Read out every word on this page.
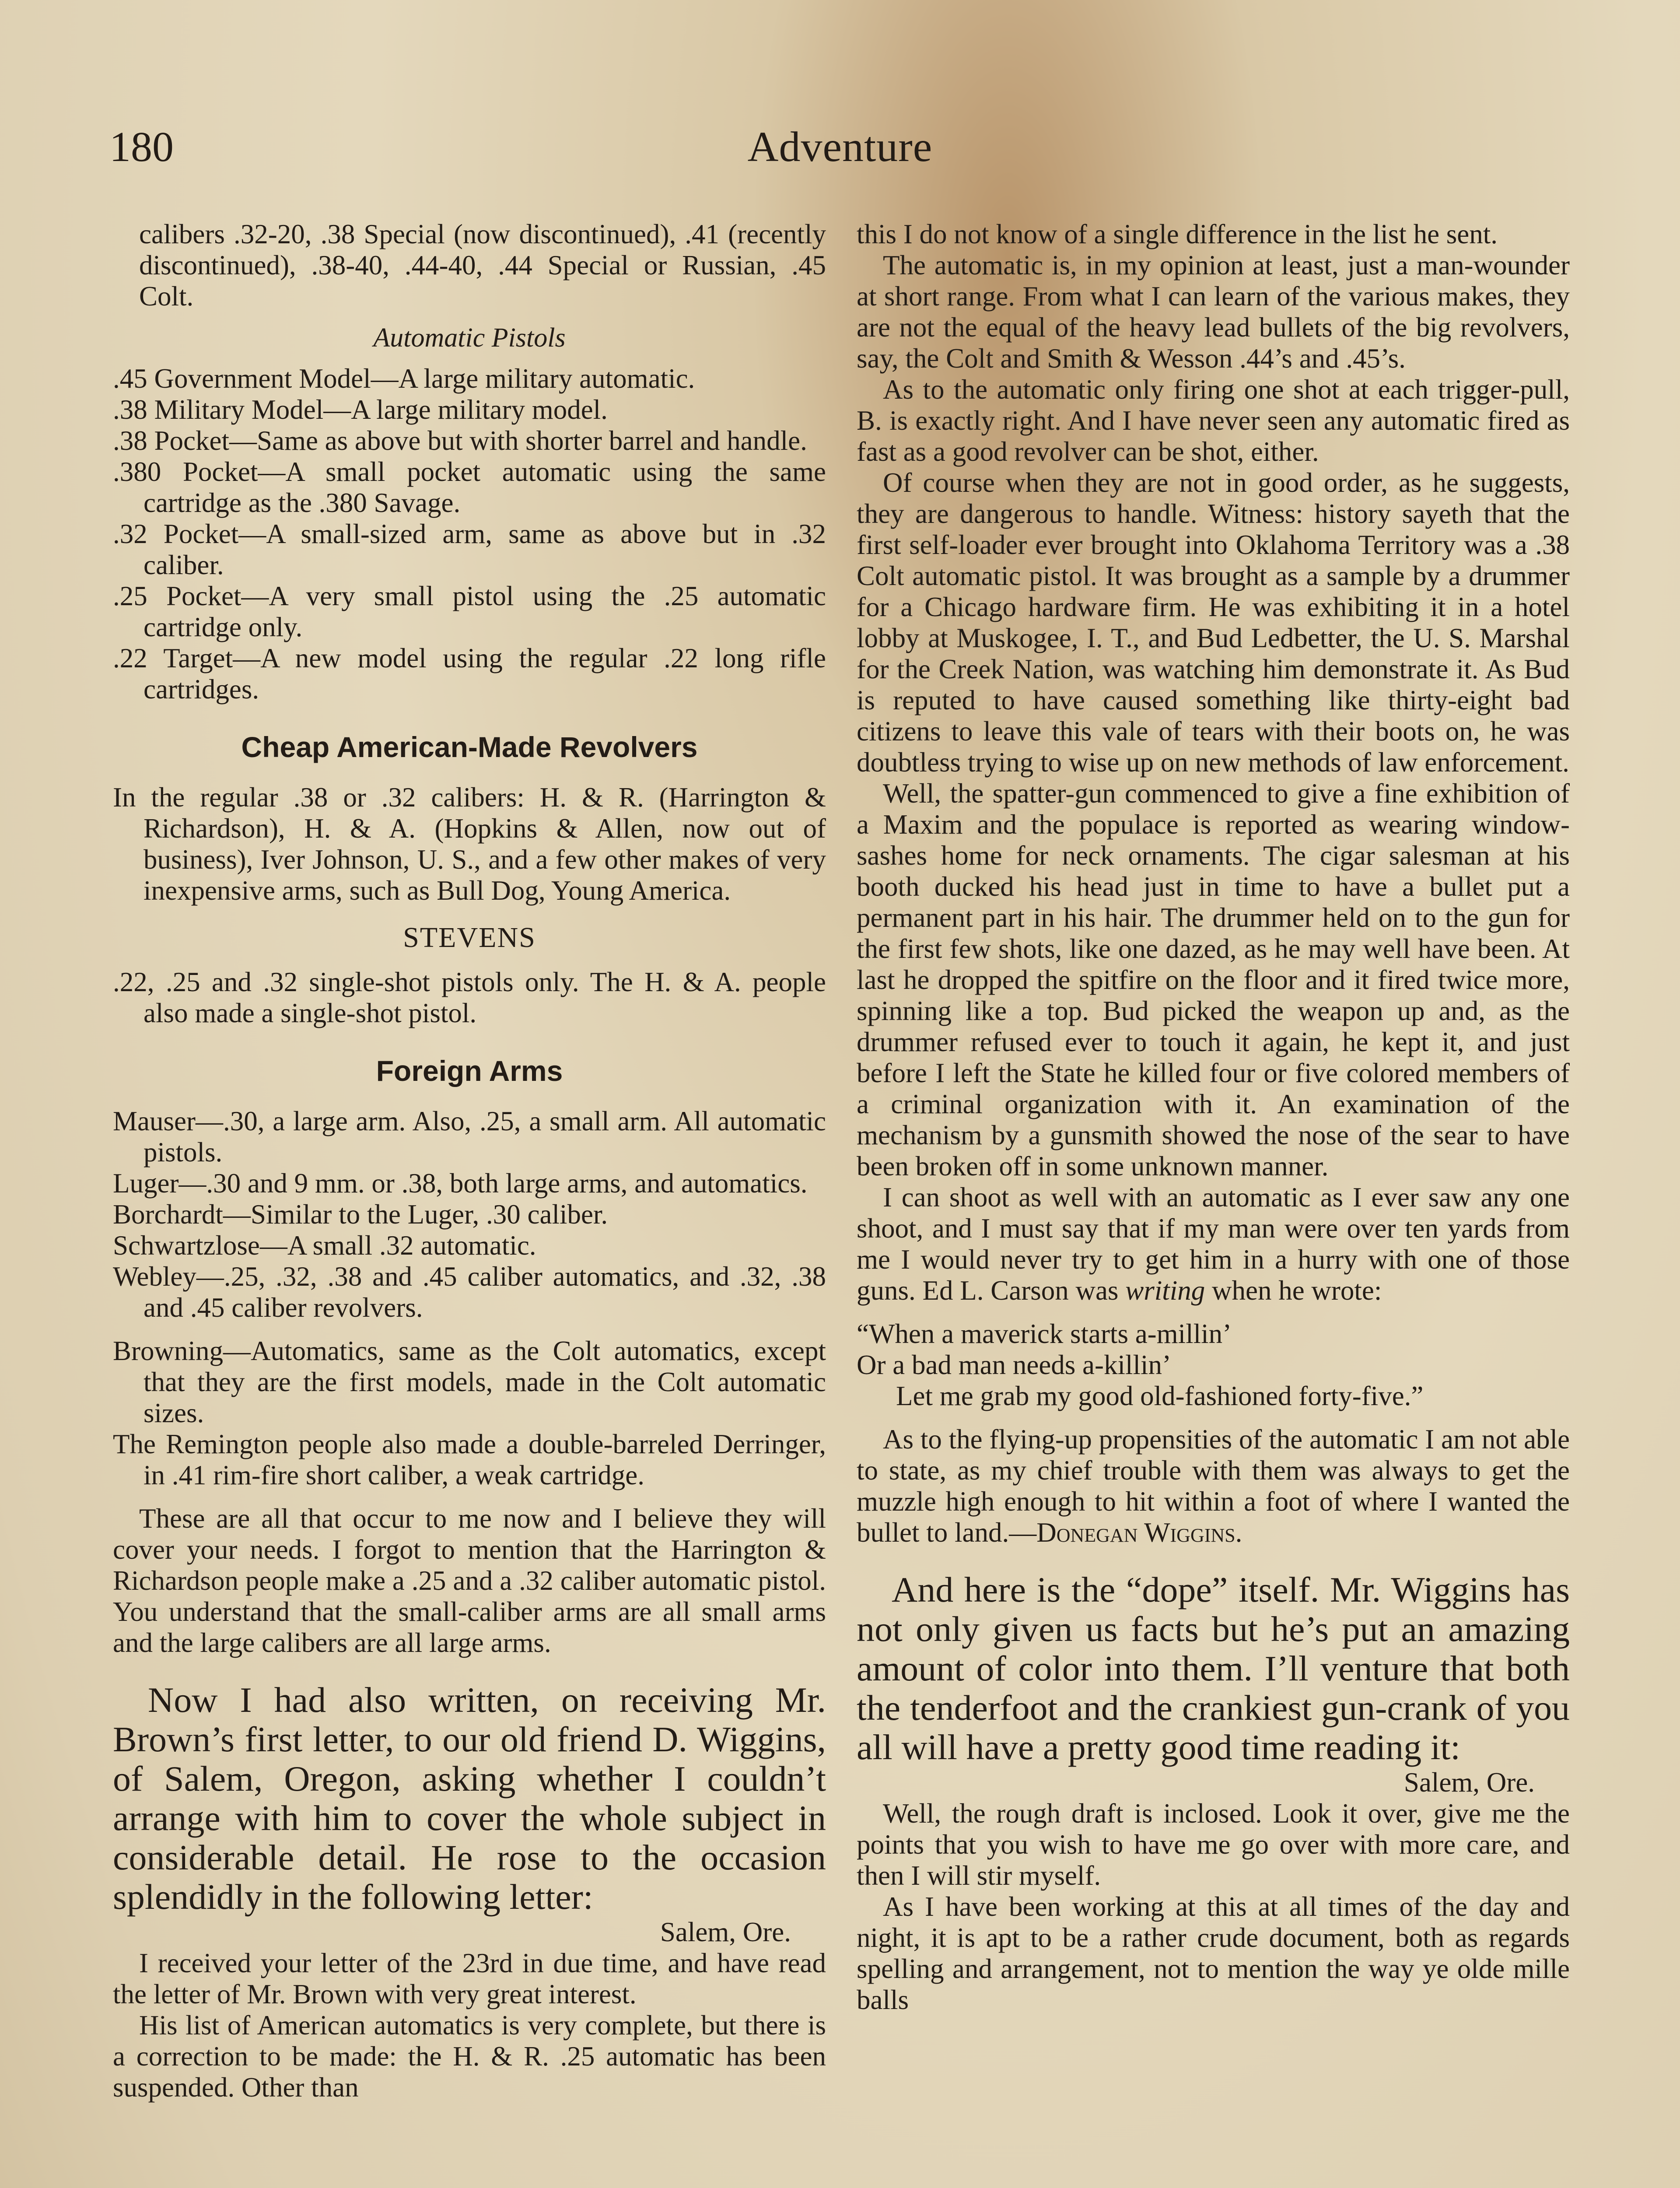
180	Adventure

calibers .32-20, .38 Special (now discontinued), .41 (recently discontinued), .38-40, .44-40, .44 Special or Russian, .45 Colt.

Automatic Pistols

.45 Government Model—A large military automatic.

.38 Military Model—A large military model.

.38 Pocket—Same as above but with shorter barrel and handle.

.380 Pocket—A small pocket automatic using the same cartridge as the .380 Savage.

.32 Pocket—A small-sized arm, same as above but in .32 caliber.

.25 Pocket—A very small pistol using the .25 automatic cartridge only.

.22 Target—A new model using the regular .22 long rifle cartridges.

Cheap American-Made Revolvers

In the regular .38 or .32 calibers: H. & R. (Harrington & Richardson), H. & A. (Hopkins & Allen, now out of business), Iver Johnson, U. S., and a few other makes of very inexpensive arms, such as Bull Dog, Young America.

STEVENS

.22, .25 and .32 single-shot pistols only. The H. & A. people also made a single-shot pistol.

Foreign Arms

Mauser—.30, a large arm. Also, .25, a small arm. All automatic pistols.

Luger—.30 and 9 mm. or .38, both large arms, and automatics.

Borchardt—Similar to the Luger, .30 caliber.

Schwartzlose—A small .32 automatic.

Webley—.25, .32, .38 and .45 caliber automatics, and .32, .38 and .45 caliber revolvers.

Browning—Automatics, same as the Colt automatics, except that they are the first models, made in the Colt automatic sizes.

The Remington people also made a double-barreled Derringer, in .41 rim-fire short caliber, a weak cartridge.

These are all that occur to me now and I believe they will cover your needs. I forgot to mention that the Harrington & Richardson people make a .25 and a .32 caliber automatic pistol. You understand that the small-caliber arms are all small arms and the large calibers are all large arms.

Now I had also written, on receiving Mr. Brown’s first letter, to our old friend D. Wiggins, of Salem, Oregon, asking whether I couldn’t arrange with him to cover the whole subject in considerable detail. He rose to the occasion splendidly in the following letter:

Salem, Ore.

I received your letter of the 23rd in due time, and have read the letter of Mr. Brown with very great interest.

His list of American automatics is very complete, but there is a correction to be made: the H. & R. .25 automatic has been suspended. Other than

this I do not know of a single difference in the list he sent.

The automatic is, in my opinion at least, just a man-wounder at short range. From what I can learn of the various makes, they are not the equal of the heavy lead bullets of the big revolvers, say, the Colt and Smith & Wesson .44’s and .45’s.

As to the automatic only firing one shot at each trigger-pull, B. is exactly right. And I have never seen any automatic fired as fast as a good revolver can be shot, either.

Of course when they are not in good order, as he suggests, they are dangerous to handle. Witness: history sayeth that the first self-loader ever brought into Oklahoma Territory was a .38 Colt automatic pistol. It was brought as a sample by a drummer for a Chicago hardware firm. He was exhibiting it in a hotel lobby at Muskogee, I. T., and Bud Ledbetter, the U. S. Marshal for the Creek Nation, was watching him demonstrate it. As Bud is reputed to have caused something like thirty-eight bad citizens to leave this vale of tears with their boots on, he was doubtless trying to wise up on new methods of law enforcement.

Well, the spatter-gun commenced to give a fine exhibition of a Maxim and the populace is reported as wearing window-sashes home for neck ornaments. The cigar salesman at his booth ducked his head just in time to have a bullet put a permanent part in his hair. The drummer held on to the gun for the first few shots, like one dazed, as he may well have been. At last he dropped the spitfire on the floor and it fired twice more, spinning like a top. Bud picked the weapon up and, as the drummer refused ever to touch it again, he kept it, and just before I left the State he killed four or five colored members of a criminal organization with it. An examination of the mechanism by a gunsmith showed the nose of the sear to have been broken off in some unknown manner.

I can shoot as well with an automatic as I ever saw any one shoot, and I must say that if my man were over ten yards from me I would never try to get him in a hurry with one of those guns. Ed L. Carson was writing when he wrote:

“When a maverick starts a-millin’
Or a bad man needs a-killin’
Let me grab my good old-fashioned forty-five.”

As to the flying-up propensities of the automatic I am not able to state, as my chief trouble with them was always to get the muzzle high enough to hit within a foot of where I wanted the bullet to land.—Donegan Wiggins.

And here is the “dope” itself. Mr. Wiggins has not only given us facts but he’s put an amazing amount of color into them. I’ll venture that both the tenderfoot and the crankiest gun-crank of you all will have a pretty good time reading it:

Salem, Ore.

Well, the rough draft is inclosed. Look it over, give me the points that you wish to have me go over with more care, and then I will stir myself.

As I have been working at this at all times of the day and night, it is apt to be a rather crude document, both as regards spelling and arrangement, not to mention the way ye olde mille balls
